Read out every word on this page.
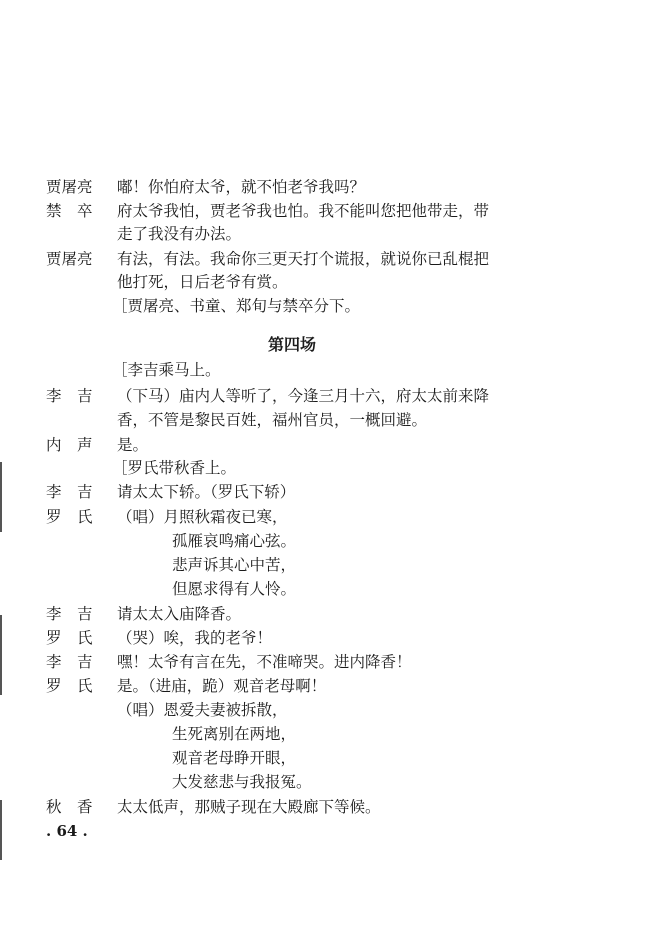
贾屠亮	嘟！你怕府太爷，就不怕老爷我吗？
禁　卒	府太爷我怕，贾老爷我也怕。我不能叫您把他带走，带
走了我没有办法。
贾屠亮	有法，有法。我命你三更天打个谎报，就说你已乱棍把
他打死，日后老爷有赏。
［贾屠亮、书童、郑旬与禁卒分下。
第四场
［李吉乘马上。
李　吉	（下马）庙内人等听了，今逢三月十六，府太太前来降
香，不管是黎民百姓，福州官员，一概回避。
内　声	是。
［罗氏带秋香上。
李　吉	请太太下轿。（罗氏下轿）
罗　氏	（唱）月照秋霜夜已寒，
孤雁哀鸣痛心弦。
悲声诉其心中苦，
但愿求得有人怜。
李　吉	请太太入庙降香。
罗　氏	（哭）唉，我的老爷！
李　吉	嘿！太爷有言在先，不准啼哭。进内降香！
罗　氏	是。（进庙，跪）观音老母啊！
（唱）恩爱夫妻被拆散，
生死离别在两地，
观音老母睁开眼，
大发慈悲与我报冤。
秋　香	太太低声，那贼子现在大殿廊下等候。
. 64 .
